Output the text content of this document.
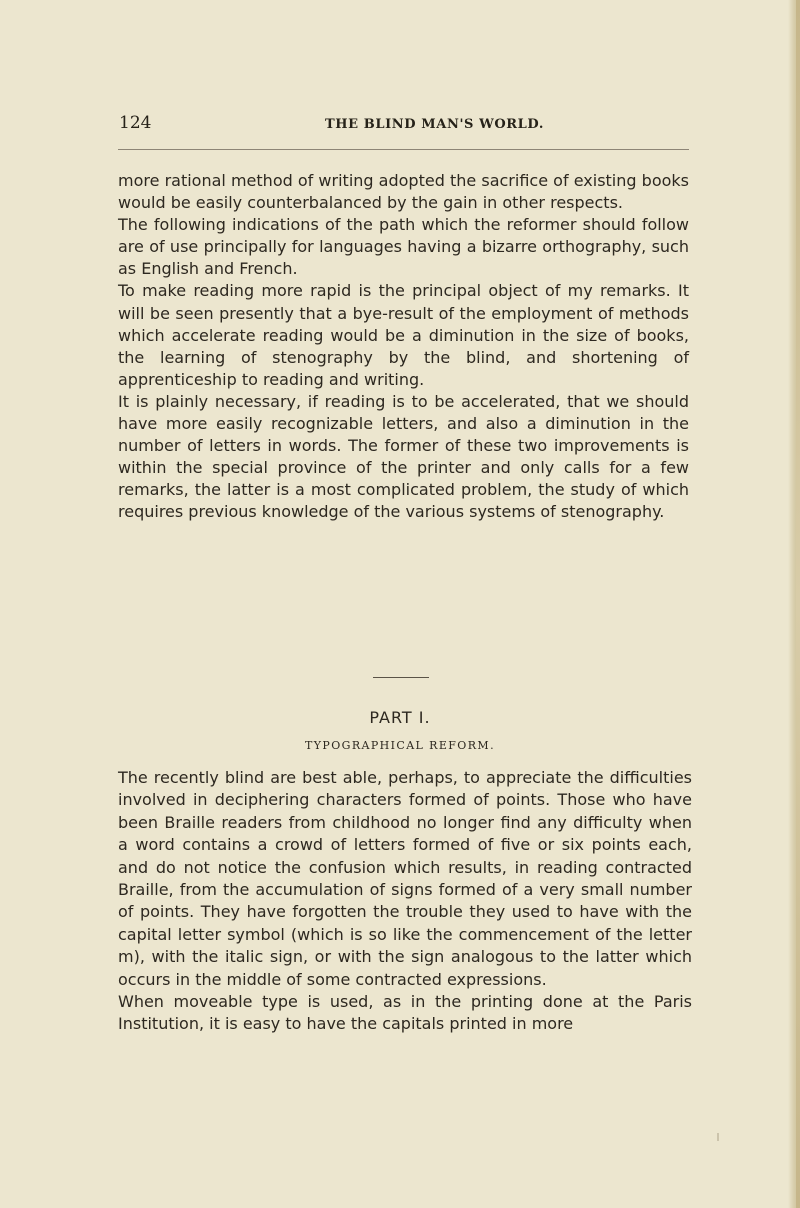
124	THE BLIND MAN'S WORLD.

more rational method of writing adopted the sacrifice of existing books would be easily counterbalanced by the gain in other respects.

The following indications of the path which the reformer should follow are of use principally for languages having a bizarre orthography, such as English and French.

To make reading more rapid is the principal object of my remarks. It will be seen presently that a bye-result of the employment of methods which accelerate reading would be a diminution in the size of books, the learning of stenography by the blind, and shortening of apprenticeship to reading and writing.

It is plainly necessary, if reading is to be accelerated, that we should have more easily recognizable letters, and also a diminution in the number of letters in words. The former of these two improvements is within the special province of the printer and only calls for a few remarks, the latter is a most complicated problem, the study of which requires previous knowledge of the various systems of stenography.

PART I.
TYPOGRAPHICAL REFORM.

The recently blind are best able, perhaps, to appreciate the difficulties involved in deciphering characters formed of points. Those who have been Braille readers from childhood no longer find any difficulty when a word contains a crowd of letters formed of five or six points each, and do not notice the confusion which results, in reading contracted Braille, from the accumulation of signs formed of a very small number of points. They have forgotten the trouble they used to have with the capital letter symbol (which is so like the commencement of the letter m), with the italic sign, or with the sign analogous to the latter which occurs in the middle of some contracted expressions.

When moveable type is used, as in the printing done at the Paris Institution, it is easy to have the capitals printed in more
